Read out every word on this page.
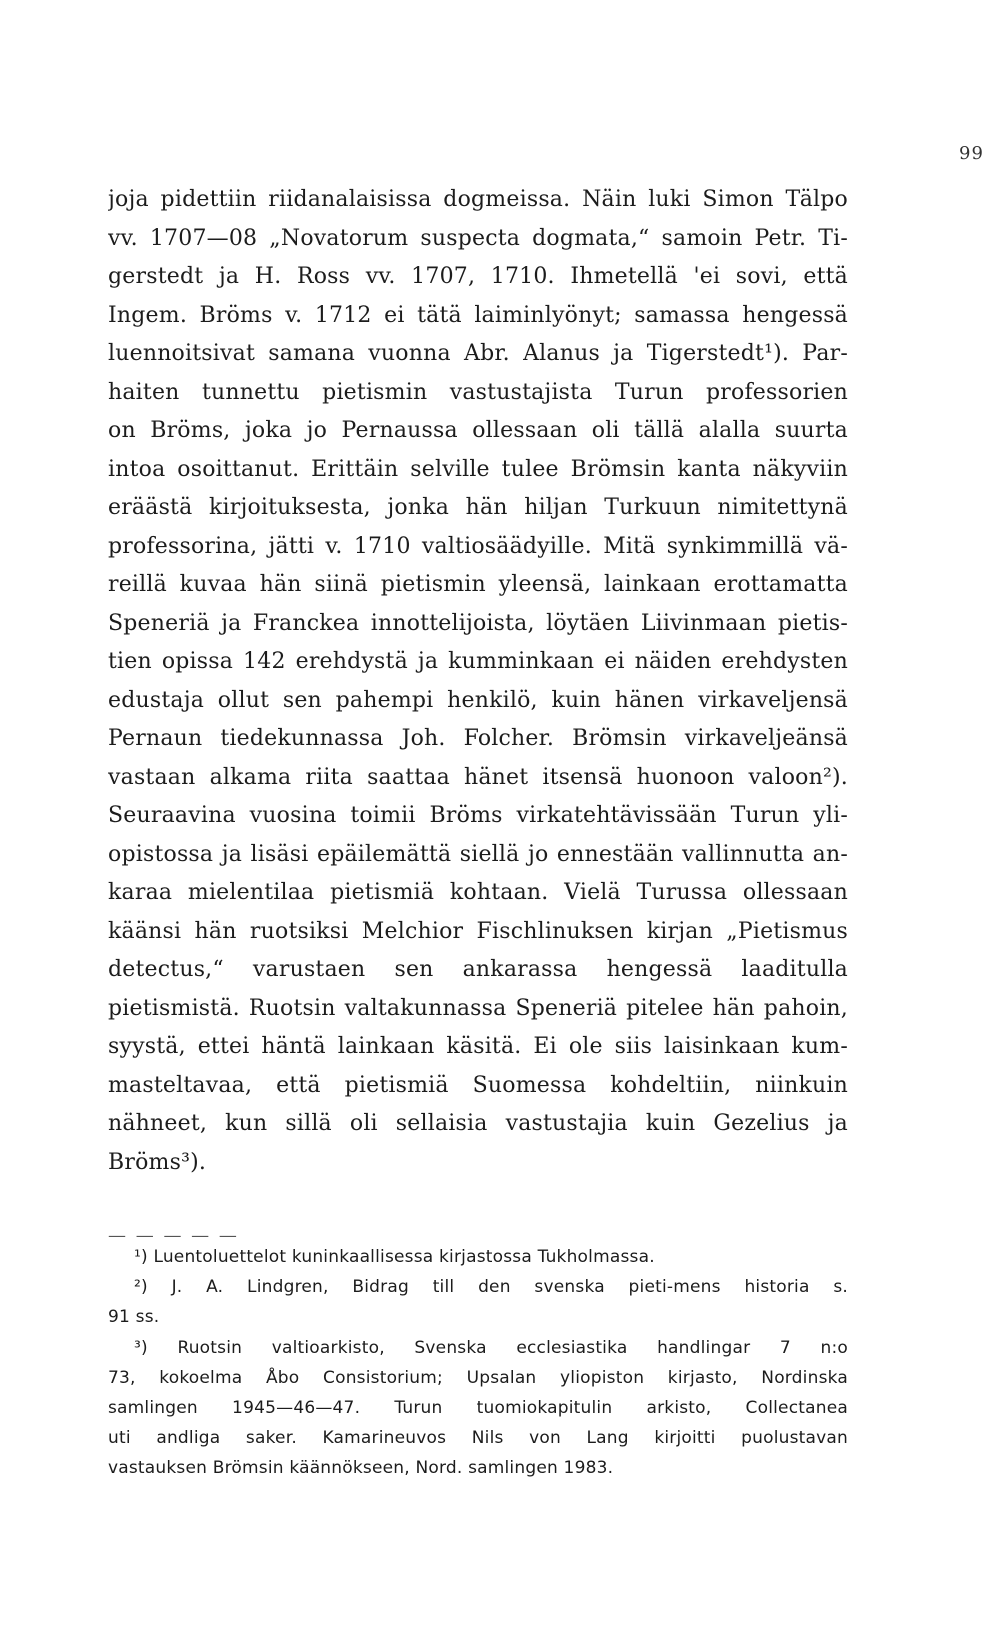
99
joja pidettiin riidanalaisissa dogmeissa. Näin luki Simon Tälpo
vv. 1707—08 „Novatorum suspecta dogmata,“ samoin Petr. Ti-
gerstedt ja H. Ross vv. 1707, 1710. Ihmetellä 'ei sovi, että
Ingem. Bröms v. 1712 ei tätä laiminlyönyt; samassa hengessä
luennoitsivat samana vuonna Abr. Alanus ja Tigerstedt¹). Par-
haiten tunnettu pietismin vastustajista Turun professorien
on Bröms, joka jo Pernaussa ollessaan oli tällä alalla suurta
intoa osoittanut. Erittäin selville tulee Brömsin kanta näkyviin
eräästä kirjoituksesta, jonka hän hiljan Turkuun nimitettynä
professorina, jätti v. 1710 valtiosäädyille. Mitä synkimmillä vä-
reillä kuvaa hän siinä pietismin yleensä, lainkaan erottamatta
Speneriä ja Franckea innottelijoista, löytäen Liivinmaan pietis-
tien opissa 142 erehdystä ja kumminkaan ei näiden erehdysten
edustaja ollut sen pahempi henkilö, kuin hänen virkaveljensä
Pernaun tiedekunnassa Joh. Folcher. Brömsin virkaveljeänsä
vastaan alkama riita saattaa hänet itsensä huonoon valoon²).
Seuraavina vuosina toimii Bröms virkatehtävissään Turun yli-
opistossa ja lisäsi epäilemättä siellä jo ennestään vallinnutta an-
karaa mielentilaa pietismiä kohtaan. Vielä Turussa ollessaan
käänsi hän ruotsiksi Melchior Fischlinuksen kirjan „Pietismus
detectus,“ varustaen sen ankarassa hengessä laaditulla
pietismistä. Ruotsin valtakunnassa Speneriä pitelee hän pahoin,
syystä, ettei häntä lainkaan käsitä. Ei ole siis laisinkaan kum-
masteltavaa, että pietismiä Suomessa kohdeltiin, niinkuin
nähneet, kun sillä oli sellaisia vastustajia kuin Gezelius ja
Bröms³).
— — — — —
¹) Luentoluettelot kuninkaallisessa kirjastossa Tukholmassa.
²) J. A. Lindgren, Bidrag till den svenska pieti-mens historia s.
91 ss.
³) Ruotsin valtioarkisto, Svenska ecclesiastika handlingar 7 n:o
73, kokoelma Åbo Consistorium; Upsalan yliopiston kirjasto, Nordinska
samlingen 1945—46—47. Turun tuomiokapitulin arkisto, Collectanea
uti andliga saker. Kamarineuvos Nils von Lang kirjoitti puolustavan
vastauksen Brömsin käännökseen, Nord. samlingen 1983.
